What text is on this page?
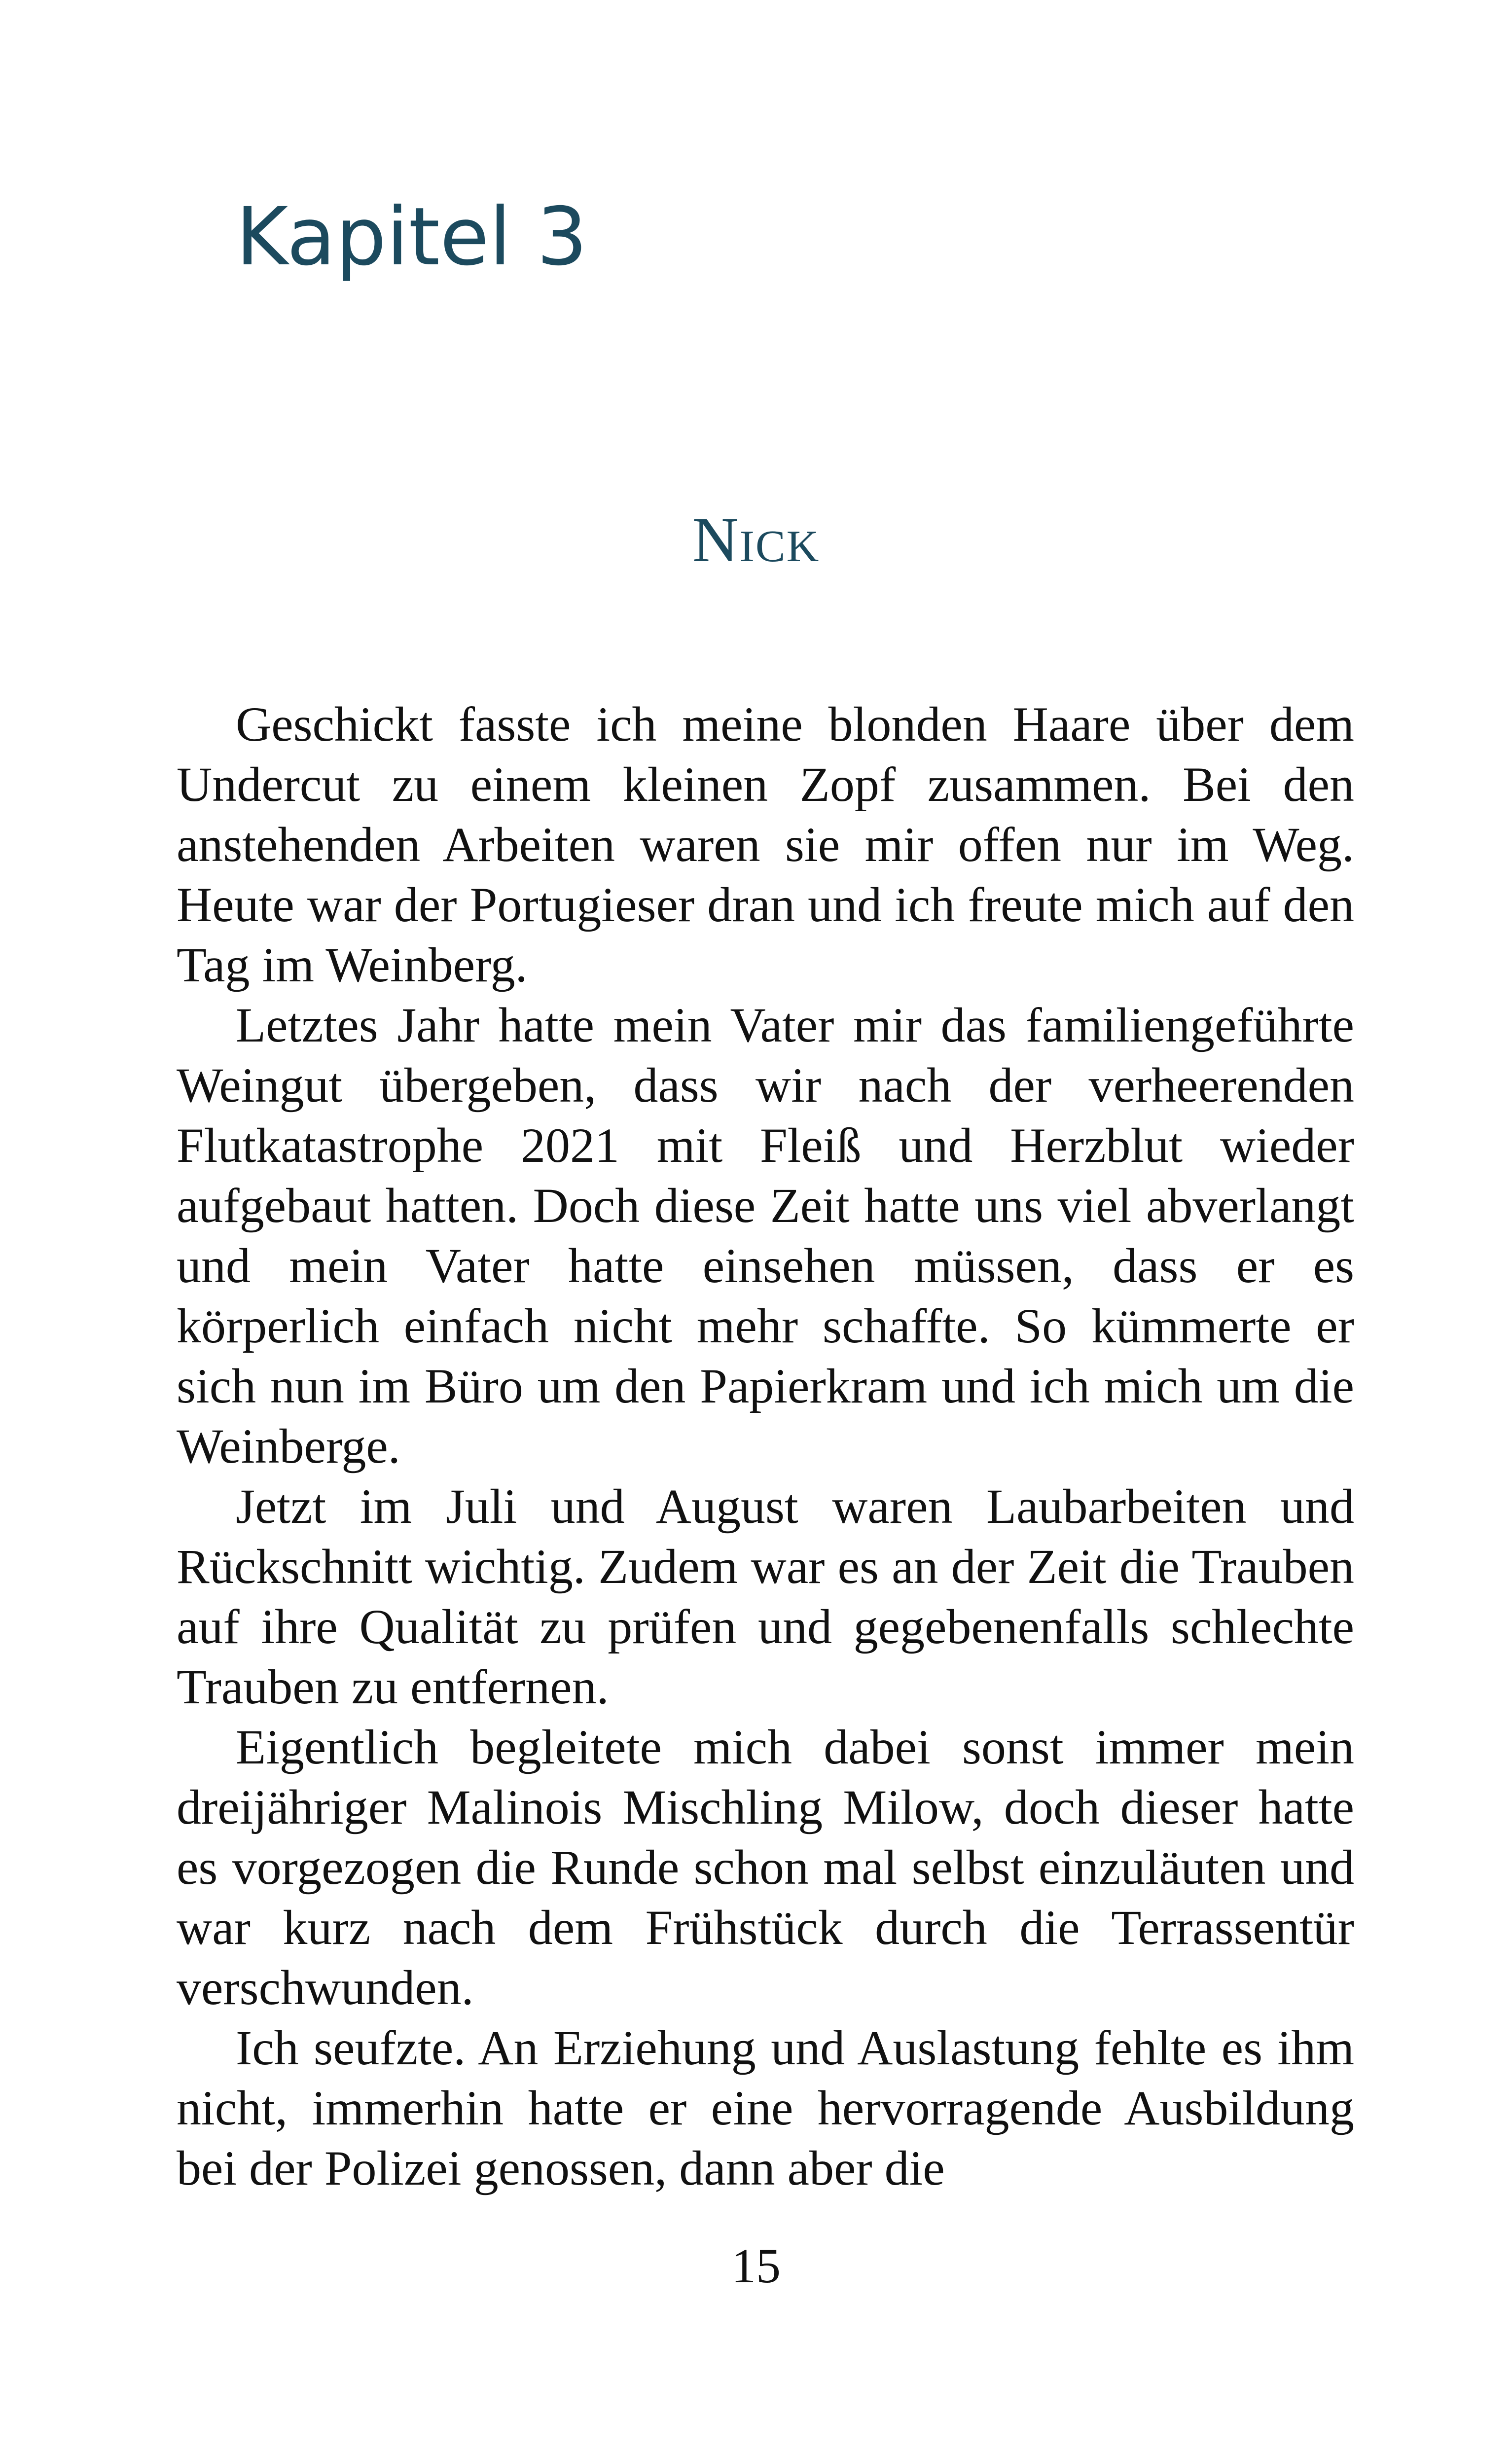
Kapitel 3
Nick

Geschickt fasste ich meine blonden Haare über dem Undercut zu einem kleinen Zopf zusammen. Bei den anstehenden Arbeiten waren sie mir offen nur im Weg. Heute war der Portugieser dran und ich freute mich auf den Tag im Weinberg.

Letztes Jahr hatte mein Vater mir das familiengeführte Weingut übergeben, dass wir nach der verheerenden Flutkatastrophe 2021 mit Fleiß und Herzblut wieder aufgebaut hatten. Doch diese Zeit hatte uns viel abverlangt und mein Vater hatte einsehen müssen, dass er es körperlich einfach nicht mehr schaffte. So kümmerte er sich nun im Büro um den Papierkram und ich mich um die Weinberge.

Jetzt im Juli und August waren Laubarbeiten und Rückschnitt wichtig. Zudem war es an der Zeit die Trauben auf ihre Qualität zu prüfen und gegebenenfalls schlechte Trauben zu entfernen.

Eigentlich begleitete mich dabei sonst immer mein dreijähriger Malinois Mischling Milow, doch dieser hatte es vorgezogen die Runde schon mal selbst einzuläuten und war kurz nach dem Frühstück durch die Terrassentür verschwunden.

Ich seufzte. An Erziehung und Auslastung fehlte es ihm nicht, immerhin hatte er eine hervorragende Ausbildung bei der Polizei genossen, dann aber die

15
